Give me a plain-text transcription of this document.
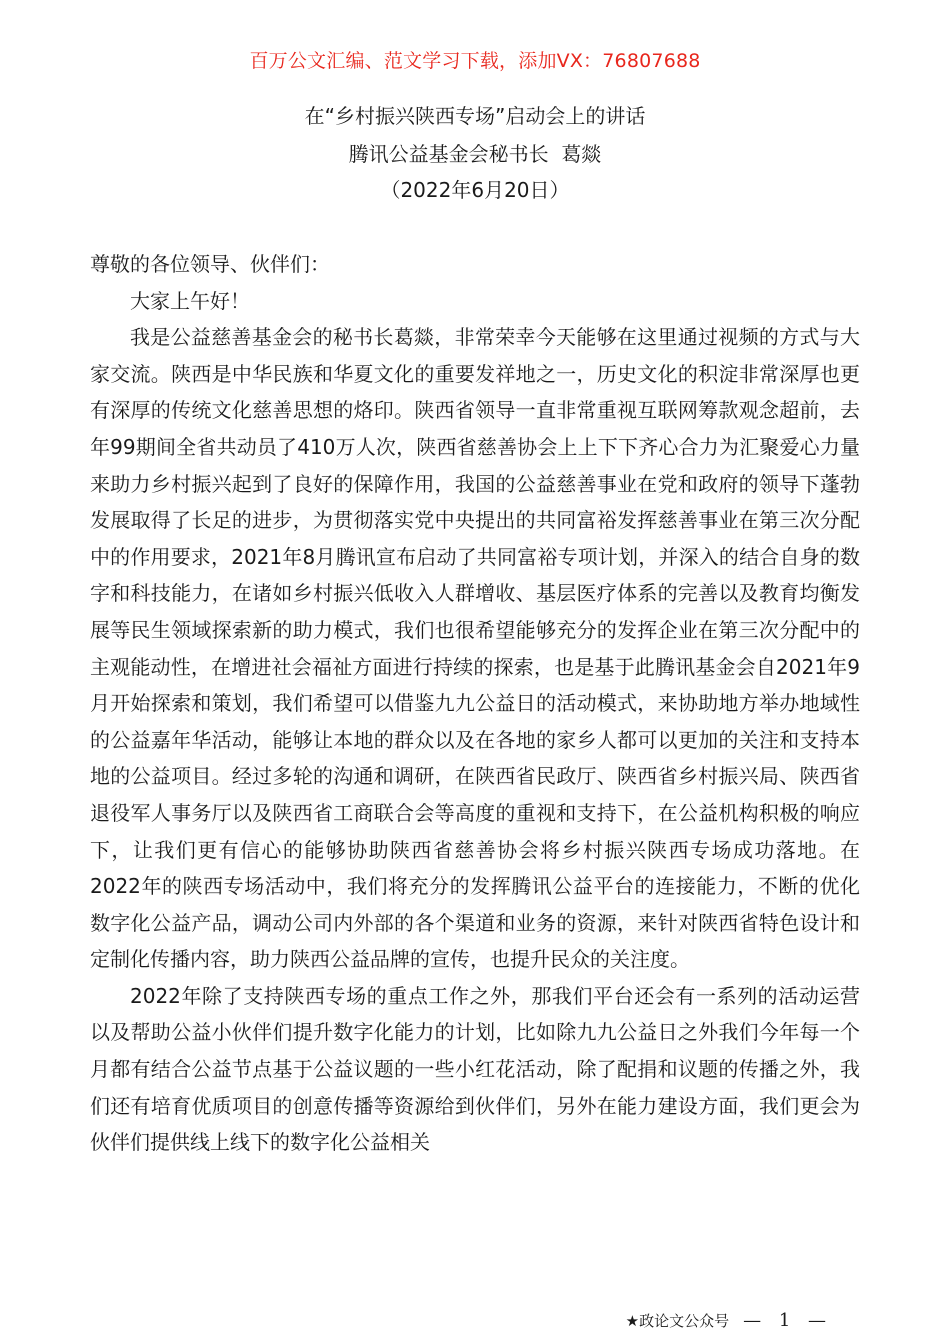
百万公文汇编、范文学习下载，添加VX：76807688
在“乡村振兴陕西专场”启动会上的讲话
腾讯公益基金会秘书长  葛燚
（2022年6月20日）

尊敬的各位领导、伙伴们：

大家上午好！

我是公益慈善基金会的秘书长葛燚，非常荣幸今天能够在这里通过视频的方式与大家交流。陕西是中华民族和华夏文化的重要发祥地之一，历史文化的积淀非常深厚也更有深厚的传统文化慈善思想的烙印。陕西省领导一直非常重视互联网筹款观念超前，去年99期间全省共动员了410万人次，陕西省慈善协会上上下下齐心合力为汇聚爱心力量来助力乡村振兴起到了良好的保障作用，我国的公益慈善事业在党和政府的领导下蓬勃发展取得了长足的进步，为贯彻落实党中央提出的共同富裕发挥慈善事业在第三次分配中的作用要求，2021年8月腾讯宣布启动了共同富裕专项计划，并深入的结合自身的数字和科技能力，在诸如乡村振兴低收入人群增收、基层医疗体系的完善以及教育均衡发展等民生领域探索新的助力模式，我们也很希望能够充分的发挥企业在第三次分配中的主观能动性，在增进社会福祉方面进行持续的探索，也是基于此腾讯基金会自2021年9月开始探索和策划，我们希望可以借鉴九九公益日的活动模式，来协助地方举办地域性的公益嘉年华活动，能够让本地的群众以及在各地的家乡人都可以更加的关注和支持本地的公益项目。经过多轮的沟通和调研，在陕西省民政厅、陕西省乡村振兴局、陕西省退役军人事务厅以及陕西省工商联合会等高度的重视和支持下，在公益机构积极的响应下，让我们更有信心的能够协助陕西省慈善协会将乡村振兴陕西专场成功落地。在2022年的陕西专场活动中，我们将充分的发挥腾讯公益平台的连接能力，不断的优化数字化公益产品，调动公司内外部的各个渠道和业务的资源，来针对陕西省特色设计和定制化传播内容，助力陕西公益品牌的宣传，也提升民众的关注度。

2022年除了支持陕西专场的重点工作之外，那我们平台还会有一系列的活动运营以及帮助公益小伙伴们提升数字化能力的计划，比如除九九公益日之外我们今年每一个月都有结合公益节点基于公益议题的一些小红花活动，除了配捐和议题的传播之外，我们还有培育优质项目的创意传播等资源给到伙伴们，另外在能力建设方面，我们更会为伙伴们提供线上线下的数字化公益相关

★政论文公众号 — 1 —
